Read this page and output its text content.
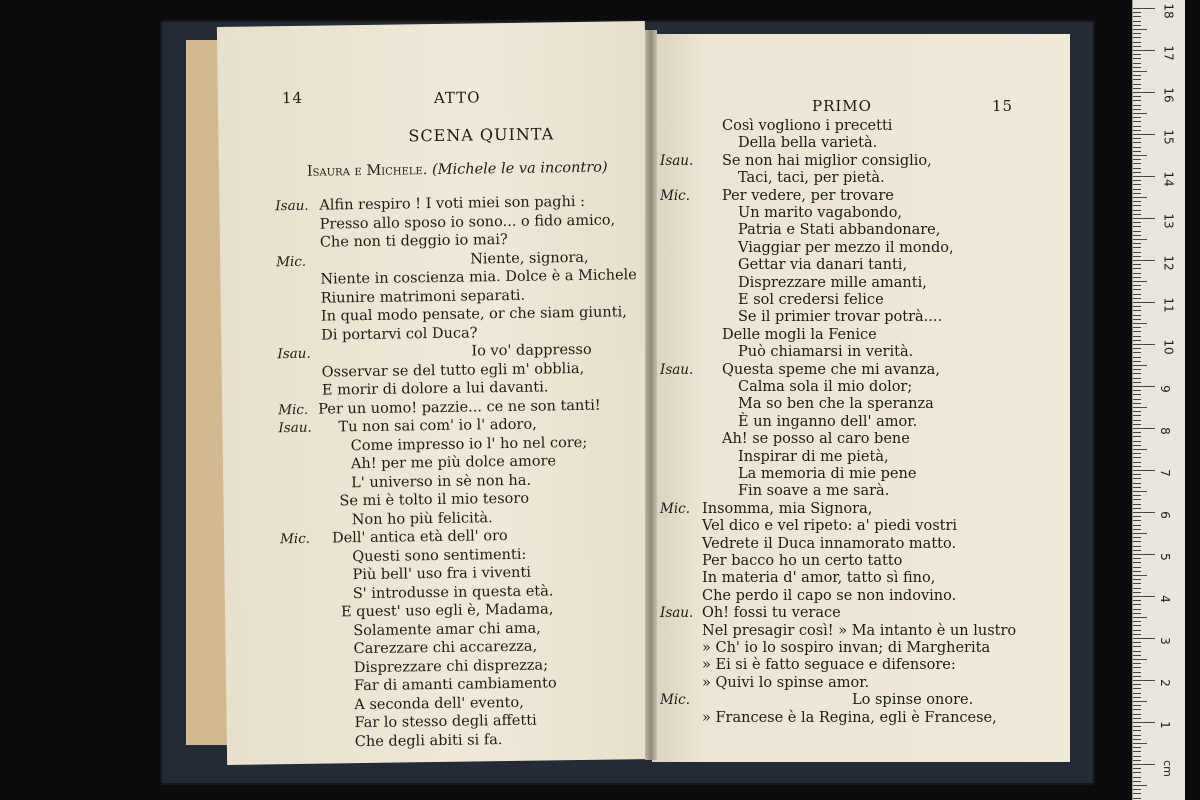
14	ATTO
SCENA QUINTA
Isaura e Michele. (Michele le va incontro)
Isau. Alfin respiro ! I voti miei son paghi :
Presso allo sposo io sono... o fido amico,
Che non ti deggio io mai?
Mic.	Niente, signora,
Niente in coscienza mia. Dolce è a Michele
Riunire matrimoni separati.
In qual modo pensate, or che siam giunti,
Di portarvi col Duca?
Isau.	Io vo' dappresso
Osservar se del tutto egli m' obblia,
E morir di dolore a lui davanti.
Mic. Per un uomo! pazzie... ce ne son tanti!
Isau. Tu non sai com' io l' adoro,
Come impresso io l' ho nel core;
Ah! per me più dolce amore
L' universo in sè non ha.
Se mi è tolto il mio tesoro
Non ho più felicità.
Mic. Dell' antica età dell' oro
Questi sono sentimenti:
Più bell' uso fra i viventi
S' introdusse in questa età.
E quest' uso egli è, Madama,
Solamente amar chi ama,
Carezzare chi accarezza,
Disprezzare chi disprezza;
Far di amanti cambiamento
A seconda dell' evento,
Far lo stesso degli affetti
Che degli abiti si fa.
PRIMO	15
Così vogliono i precetti
Della bella varietà.
Isau. Se non hai miglior consiglio,
Taci, taci, per pietà.
Mic. Per vedere, per trovare
Un marito vagabondo,
Patria e Stati abbandonare,
Viaggiar per mezzo il mondo,
Gettar via danari tanti,
Disprezzare mille amanti,
E sol credersi felice
Se il primier trovar potrà....
Delle mogli la Fenice
Può chiamarsi in verità.
Isau. Questa speme che mi avanza,
Calma sola il mio dolor;
Ma so ben che la speranza
È un inganno dell' amor.
Ah! se posso al caro bene
Inspirar di me pietà,
La memoria di mie pene
Fin soave a me sarà.
Mic. Insomma, mia Signora,
Vel dico e vel ripeto: a' piedi vostri
Vedrete il Duca innamorato matto.
Per bacco ho un certo tatto
In materia d' amor, tatto sì fino,
Che perdo il capo se non indovino.
Isau. Oh! fossi tu verace
Nel presagir così! » Ma intanto è un lustro
» Ch' io lo sospiro invan; di Margherita
» Ei si è fatto seguace e difensore:
» Quivi lo spinse amor.
Mic.	Lo spinse onore.
» Francese è la Regina, egli è Francese,
cm
18
17
16
15
14
13
12
11
10
9
8
7
6
5
4
3
2
1
